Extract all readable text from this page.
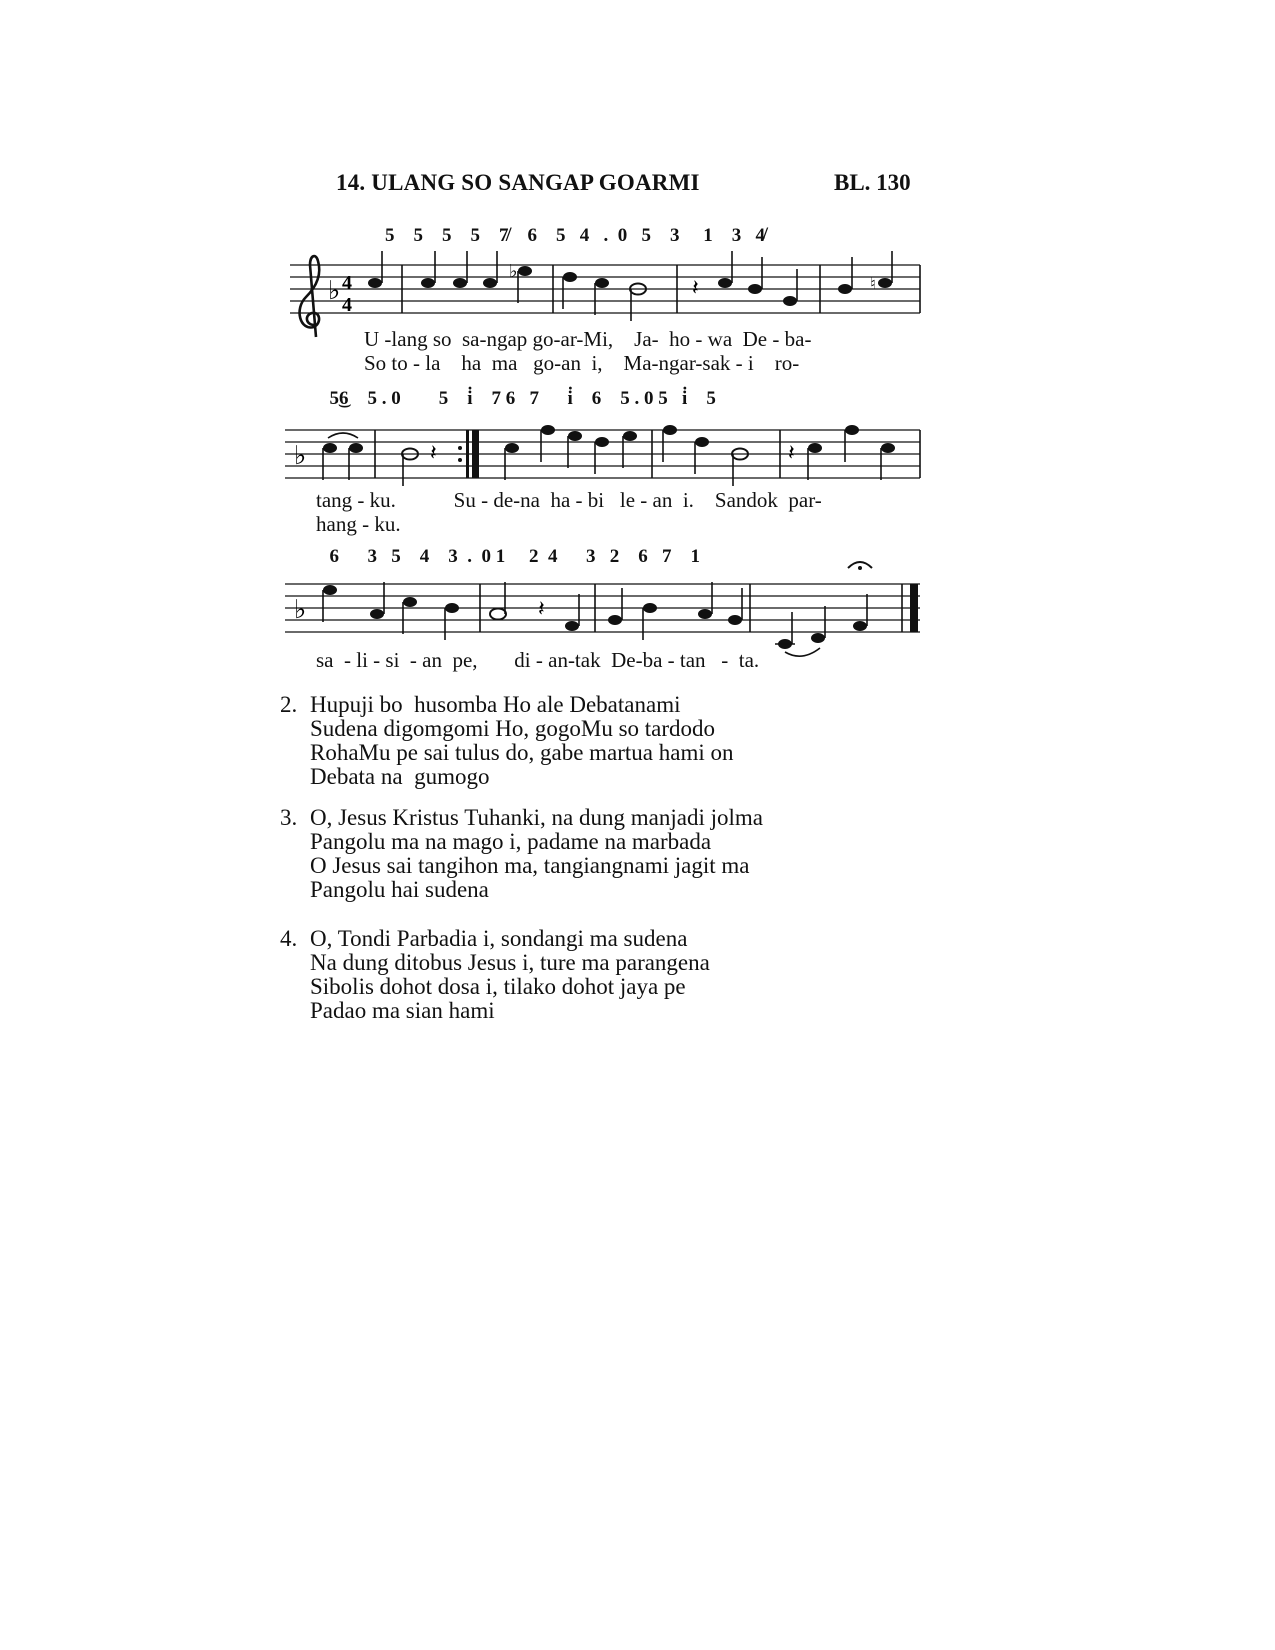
14. ULANG SO SANGAP GOARMI	BL. 130
5    5    5    5    7̸    6    5   4   .  0   5    3     1    3   4̸
♭ 4
4
♭
♮
𝄽
U -lang so  sa-ngap go-ar-Mi,    Ja-  ho - wa  De - ba-
So to - la    ha  ma   go-an  i,    Ma-ngar-sak - i    ro-
5͜6    5 . 0        5    i̇    7 6   7      i̇    6    5 . 0 5   i̇    5
♭	𝄽	𝄽
tang - ku.           Su - de-na  ha - bi   le - an  i.    Sandok  par-
hang - ku.
6      3   5    4    3  .  0 1     2  4      3   2    6   7    1
♭	𝄽
sa  - li - si  - an  pe,       di - an-tak  De-ba - tan   -  ta.
2. Hupuji bo  husomba Ho ale Debatanami
Sudena digomgomi Ho, gogoMu so tardodo
RohaMu pe sai tulus do, gabe martua hami on
Debata na  gumogo
3. O, Jesus Kristus Tuhanki, na dung manjadi jolma
Pangolu ma na mago i, padame na marbada
O Jesus sai tangihon ma, tangiangnami jagit ma
Pangolu hai sudena
4. O, Tondi Parbadia i, sondangi ma sudena
Na dung ditobus Jesus i, ture ma parangena
Sibolis dohot dosa i, tilako dohot jaya pe
Padao ma sian hami
